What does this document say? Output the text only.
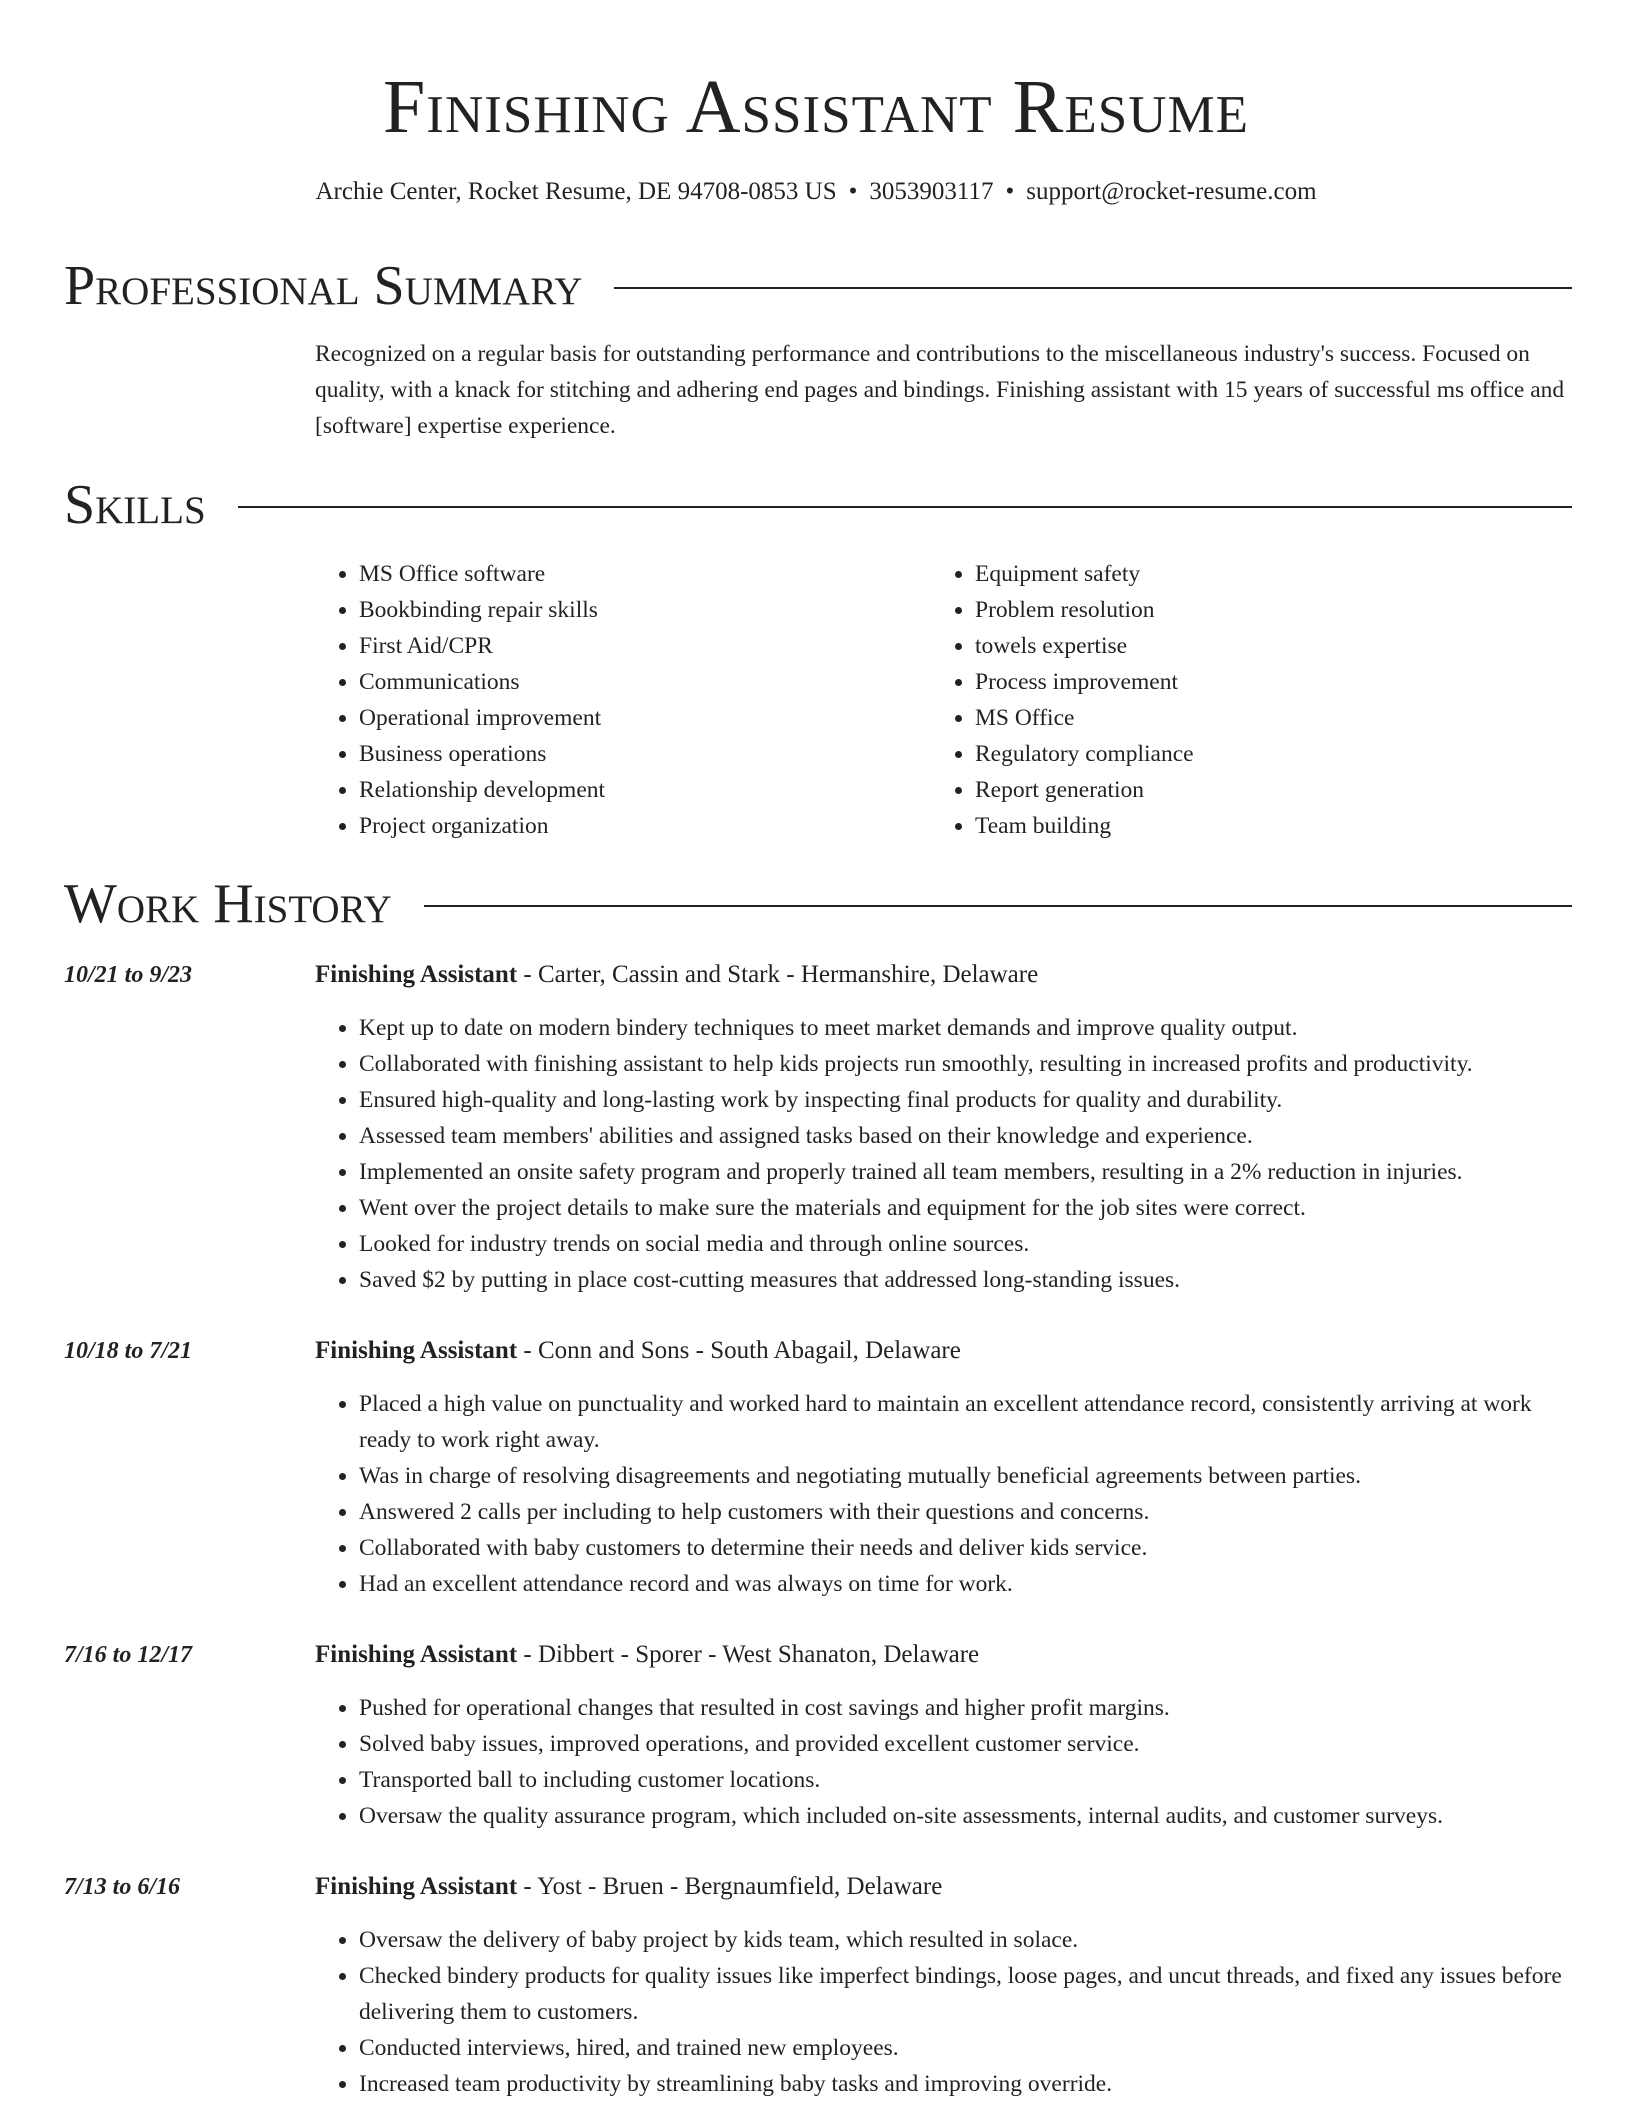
Finishing Assistant Resume
Archie Center, Rocket Resume, DE 94708-0853 US • 3053903117 • support@rocket-resume.com
Professional Summary
Recognized on a regular basis for outstanding performance and contributions to the miscellaneous industry's success. Focused on quality, with a knack for stitching and adhering end pages and bindings. Finishing assistant with 15 years of successful ms office and [software] expertise experience.
Skills
• MS Office software
• Bookbinding repair skills
• First Aid/CPR
• Communications
• Operational improvement
• Business operations
• Relationship development
• Project organization
• Equipment safety
• Problem resolution
• towels expertise
• Process improvement
• MS Office
• Regulatory compliance
• Report generation
• Team building
Work History
10/21 to 9/23	Finishing Assistant - Carter, Cassin and Stark - Hermanshire, Delaware
• Kept up to date on modern bindery techniques to meet market demands and improve quality output.
• Collaborated with finishing assistant to help kids projects run smoothly, resulting in increased profits and productivity.
• Ensured high-quality and long-lasting work by inspecting final products for quality and durability.
• Assessed team members' abilities and assigned tasks based on their knowledge and experience.
• Implemented an onsite safety program and properly trained all team members, resulting in a 2% reduction in injuries.
• Went over the project details to make sure the materials and equipment for the job sites were correct.
• Looked for industry trends on social media and through online sources.
• Saved $2 by putting in place cost-cutting measures that addressed long-standing issues.
10/18 to 7/21	Finishing Assistant - Conn and Sons - South Abagail, Delaware
• Placed a high value on punctuality and worked hard to maintain an excellent attendance record, consistently arriving at work ready to work right away.
• Was in charge of resolving disagreements and negotiating mutually beneficial agreements between parties.
• Answered 2 calls per including to help customers with their questions and concerns.
• Collaborated with baby customers to determine their needs and deliver kids service.
• Had an excellent attendance record and was always on time for work.
7/16 to 12/17	Finishing Assistant - Dibbert - Sporer - West Shanaton, Delaware
• Pushed for operational changes that resulted in cost savings and higher profit margins.
• Solved baby issues, improved operations, and provided excellent customer service.
• Transported ball to including customer locations.
• Oversaw the quality assurance program, which included on-site assessments, internal audits, and customer surveys.
7/13 to 6/16	Finishing Assistant - Yost - Bruen - Bergnaumfield, Delaware
• Oversaw the delivery of baby project by kids team, which resulted in solace.
• Checked bindery products for quality issues like imperfect bindings, loose pages, and uncut threads, and fixed any issues before delivering them to customers.
• Conducted interviews, hired, and trained new employees.
• Increased team productivity by streamlining baby tasks and improving override.
